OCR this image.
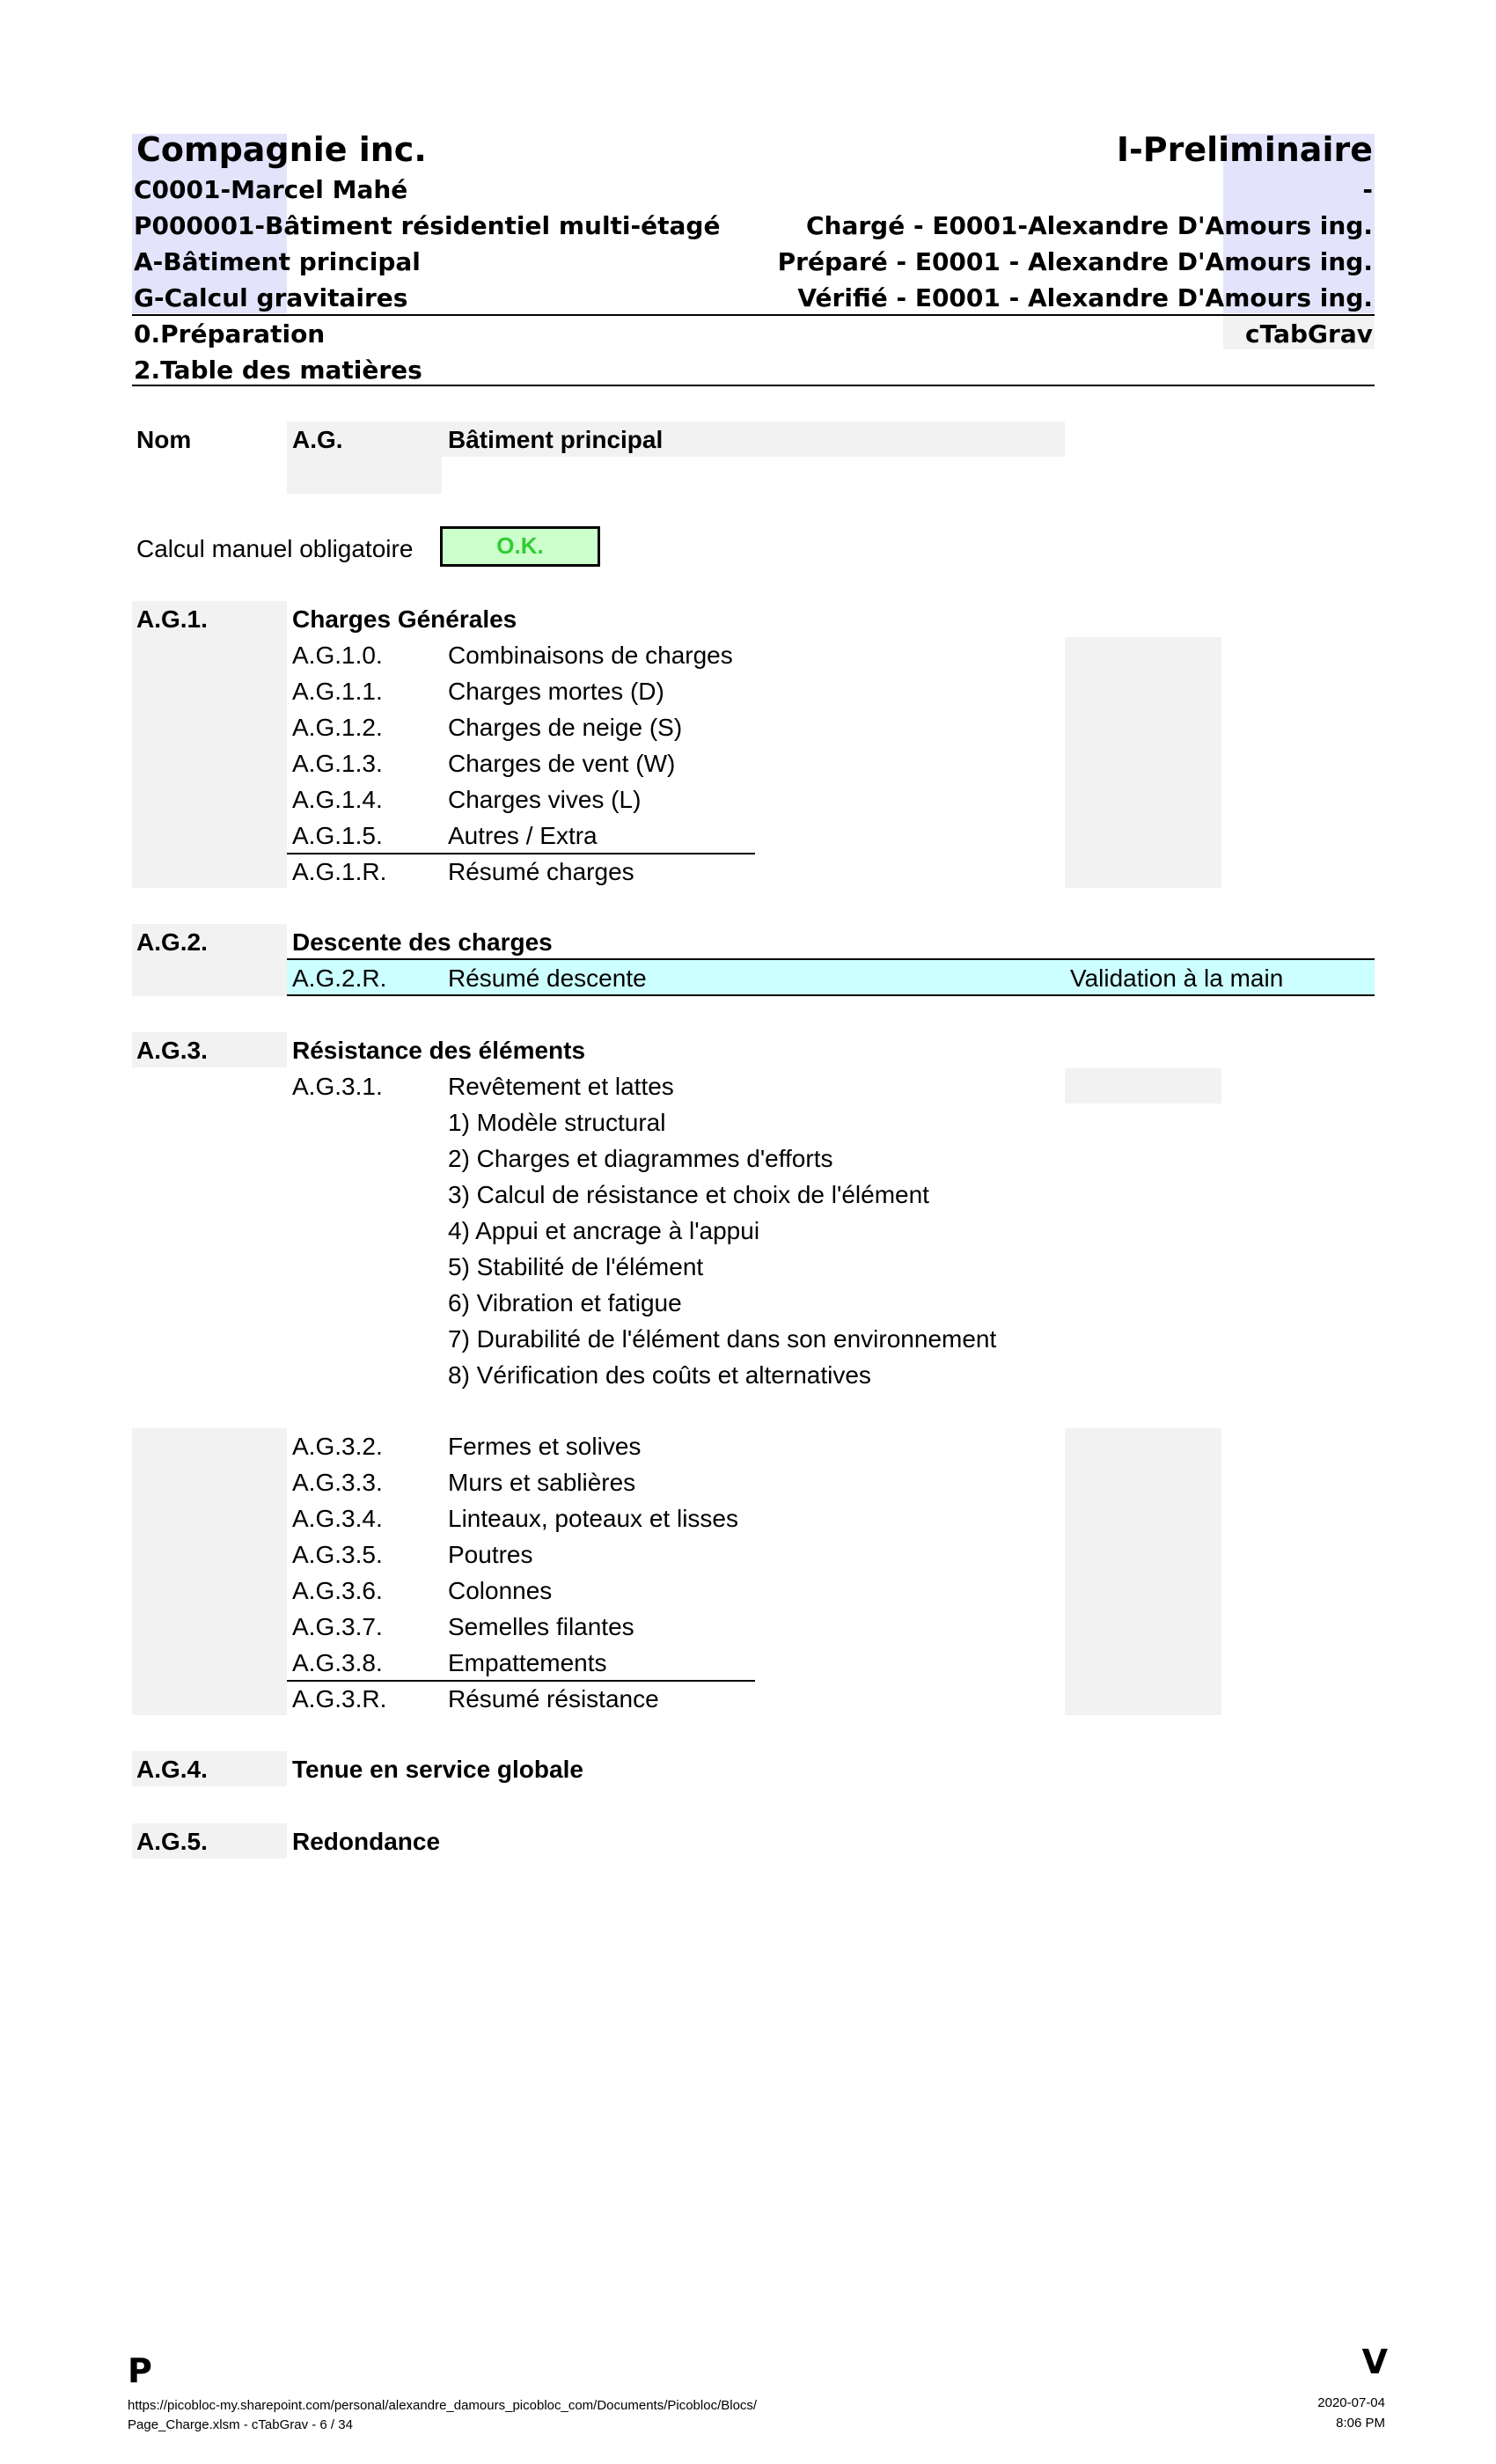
Compagnie inc.	I-Preliminaire
C0001-Marcel Mahé	-
P000001-Bâtiment résidentiel multi-étagé	Chargé - E0001-Alexandre D'Amours ing.
A-Bâtiment principal	Préparé - E0001 - Alexandre D'Amours ing.
G-Calcul gravitaires	Vérifié - E0001 - Alexandre D'Amours ing.
0.Préparation	cTabGrav
2.Table des matières
Nom	A.G.	Bâtiment principal
Calcul manuel obligatoire	O.K.
A.G.1.	Charges Générales
A.G.1.0.	Combinaisons de charges
A.G.1.1.	Charges mortes (D)
A.G.1.2.	Charges de neige (S)
A.G.1.3.	Charges de vent (W)
A.G.1.4.	Charges vives (L)
A.G.1.5.	Autres / Extra
A.G.1.R. Résumé charges
A.G.2.	Descente des charges
A.G.2.R. Résumé descente	Validation à la main
A.G.3.	Résistance des éléments
A.G.3.1.	Revêtement et lattes
1) Modèle structural
2) Charges et diagrammes d'efforts
3) Calcul de résistance et choix de l'élément
4) Appui et ancrage à l'appui
5) Stabilité de l'élément
6) Vibration et fatigue
7) Durabilité de l'élément dans son environnement
8) Vérification des coûts et alternatives
A.G.3.2.	Fermes et solives
A.G.3.3.	Murs et sablières
A.G.3.4.	Linteaux, poteaux et lisses
A.G.3.5.	Poutres
A.G.3.6.	Colonnes
A.G.3.7.	Semelles filantes
A.G.3.8.	Empattements
A.G.3.R. Résumé résistance
A.G.4.	Tenue en service globale
A.G.5.	Redondance
P	V
https://picobloc-my.sharepoint.com/personal/alexandre_damours_picobloc_com/Documents/Picobloc/Blocs/
Page_Charge.xlsm - cTabGrav - 6 / 34
2020-07-04
8:06 PM
